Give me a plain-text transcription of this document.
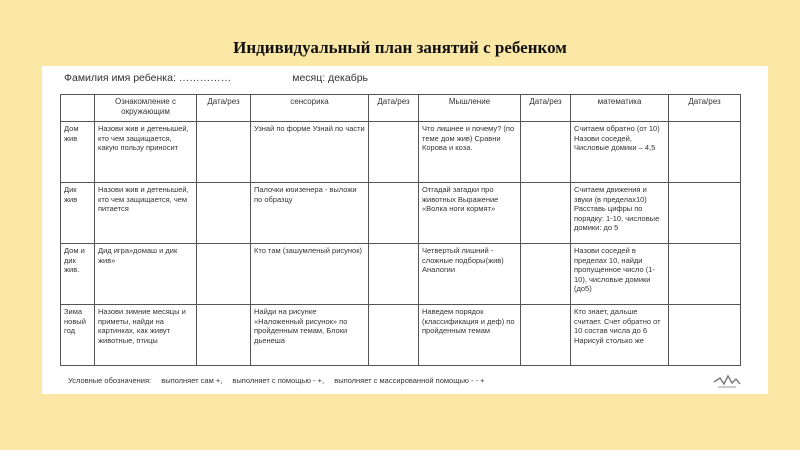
Индивидуальный план занятий с ребенком
Фамилия имя ребенка: ……………	месяц: декабрь
	Ознакомление с окружающим	Дата/рез	сенсорика	Дата/рез	Мышление	Дата/рез	математика	Дата/рез
Дом жив	Назови жив и детенышей, кто чем защищается, какую пользу приносит		Узнай по форме Узнай по части		Что лишнее и почему? (по теме дом жив) Сравни Корова и коза.		Считаем обратно (от 10) Назови соседей, Числовые домики – 4,5	
Дик жив	Назови жив и детенышей, кто чем защищается, чем питается		Палочки кюизенера - выложи по образцу		Отгадай загадки про животных Выражение «Волка ноги кормят»		Считаем движения и звуки (в пределах10) Расставь цифры по порядку: 1-10, числовые домики: до 5	
Дом и дик жив.	Дид игра»домаш и дик жив»		Кто там (зашумленый рисунок)		Четвертый лишний - сложные подборы(жив) Аналогии		Назови соседей в пределах 10, найди пропущенное число (1-10), числовые домики (до5)	
Зима новый год	Назови зимние месяцы и приметы, найди на картинках, как живут животные, птицы		Найди на рисунке «Наложенный рисунок» по пройденным темам, Блоки дьенеша		Наведем порядок (классификация и деф) по пройденным темам		Кто знает, дальше считает. Счет обратно от 10 состав числа до 6 Нарисуй столько же	
Условные обозначения: выполняет сам +, выполняет с помощью - +, выполняет с массированной помощью - - +
